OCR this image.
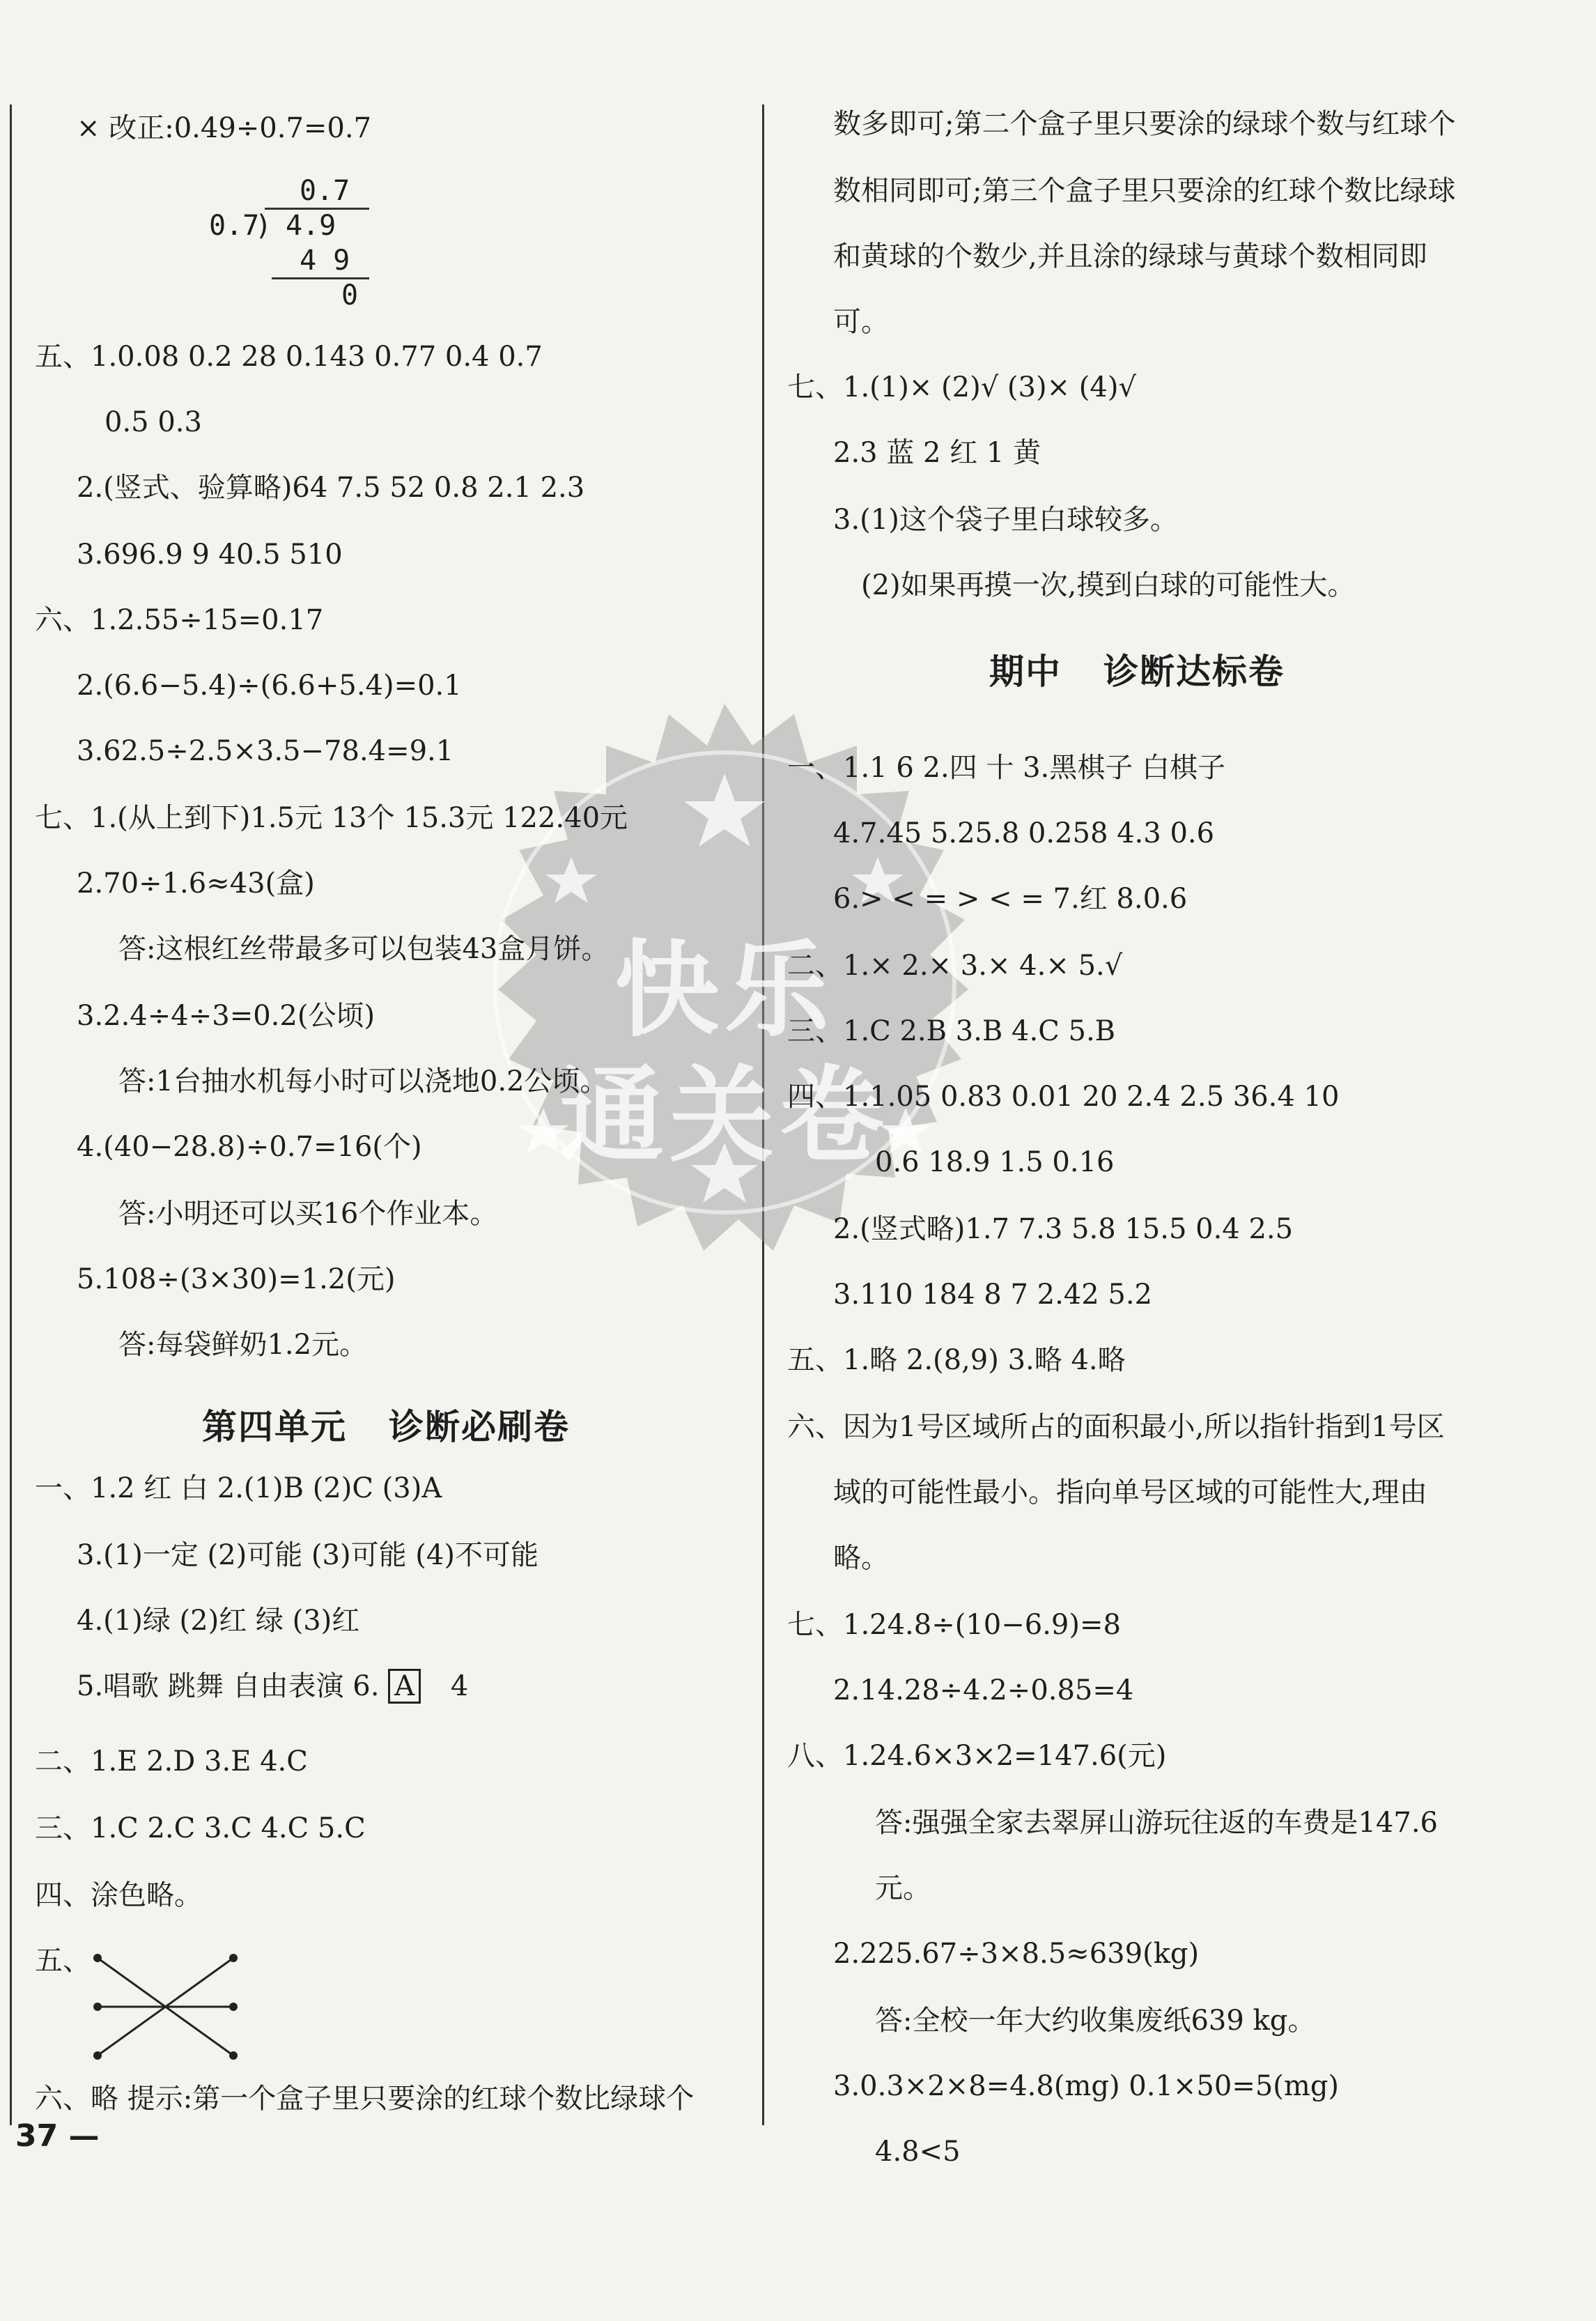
快乐
通关卷
× 改正:0.49÷0.7=0.7
0.7
0.7
) 4.9
4 9
0
五、1.0.08 0.2 28 0.143 0.77 0.4 0.7
0.5 0.3
2.(竖式、验算略)64 7.5 52 0.8 2.1 2.3
3.696.9 9 40.5 510
六、1.2.55÷15=0.17
2.(6.6−5.4)÷(6.6+5.4)=0.1
3.62.5÷2.5×3.5−78.4=9.1
七、1.(从上到下)1.5元 13个 15.3元 122.40元
2.70÷1.6≈43(盒)
答:这根红丝带最多可以包装43盒月饼。
3.2.4÷4÷3=0.2(公顷)
答:1台抽水机每小时可以浇地0.2公顷。
4.(40−28.8)÷0.7=16(个)
答:小明还可以买16个作业本。
5.108÷(3×30)=1.2(元)
答:每袋鲜奶1.2元。
第四单元 诊断必刷卷
一、1.2 红 白 2.(1)B (2)C (3)A
3.(1)一定 (2)可能 (3)可能 (4)不可能
4.(1)绿 (2)红 绿 (3)红
5.唱歌 跳舞 自由表演 6. A 4
二、1.E 2.D 3.E 4.C
三、1.C 2.C 3.C 4.C 5.C
四、涂色略。
五、
六、略 提示:第一个盒子里只要涂的红球个数比绿球个
37 —
数多即可;第二个盒子里只要涂的绿球个数与红球个
数相同即可;第三个盒子里只要涂的红球个数比绿球
和黄球的个数少,并且涂的绿球与黄球个数相同即
可。
七、1.(1)× (2)√ (3)× (4)√
2.3 蓝 2 红 1 黄
3.(1)这个袋子里白球较多。
(2)如果再摸一次,摸到白球的可能性大。
期中 诊断达标卷
一、1.1 6 2.四 十 3.黑棋子 白棋子
4.7.45 5.25.8 0.258 4.3 0.6
6.> < = > < = 7.红 8.0.6
二、1.× 2.× 3.× 4.× 5.√
三、1.C 2.B 3.B 4.C 5.B
四、1.1.05 0.83 0.01 20 2.4 2.5 36.4 10
0.6 18.9 1.5 0.16
2.(竖式略)1.7 7.3 5.8 15.5 0.4 2.5
3.110 184 8 7 2.42 5.2
五、1.略 2.(8,9) 3.略 4.略
六、因为1号区域所占的面积最小,所以指针指到1号区
域的可能性最小。指向单号区域的可能性大,理由
略。
七、1.24.8÷(10−6.9)=8
2.14.28÷4.2÷0.85=4
八、1.24.6×3×2=147.6(元)
答:强强全家去翠屏山游玩往返的车费是147.6
元。
2.225.67÷3×8.5≈639(kg)
答:全校一年大约收集废纸639 kg。
3.0.3×2×8=4.8(mg) 0.1×50=5(mg)
4.8<5
